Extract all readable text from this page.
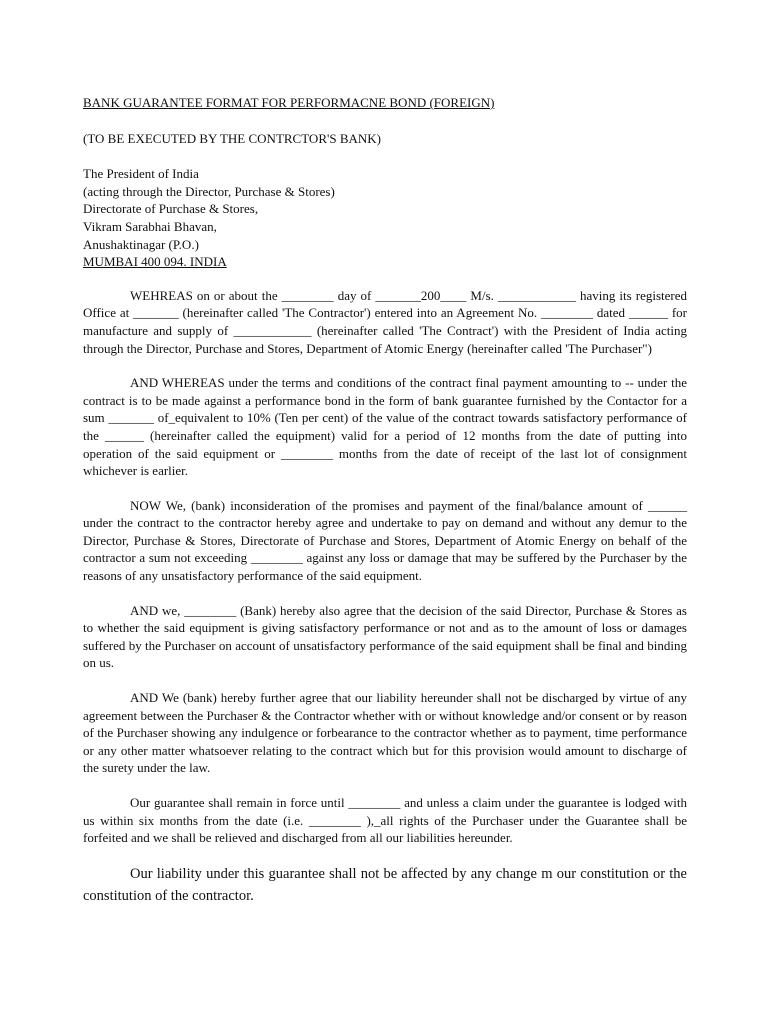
BANK GUARANTEE FORMAT FOR PERFORMACNE BOND (FOREIGN)

(TO BE EXECUTED BY THE CONTRCTOR'S BANK)

The President of India
(acting through the Director, Purchase & Stores)
Directorate of Purchase & Stores,
Vikram Sarabhai Bhavan,
Anushaktinagar (P.O.)
MUMBAI 400 094. INDIA

WEHREAS on or about the ________ day of _______200____ M/s. ____________ having its registered Office at _______ (hereinafter called 'The Contractor') entered into an Agreement No. ________ dated ______ for manufacture and supply of ____________ (hereinafter called 'The Contract') with the President of India acting through the Director, Purchase and Stores, Department of Atomic Energy (hereinafter called 'The Purchaser")

AND WHEREAS under the terms and conditions of the contract final payment amounting to -- under the contract is to be made against a performance bond in the form of bank guarantee furnished by the Contactor for a sum _______ of_equivalent to 10% (Ten per cent) of the value of the contract towards satisfactory performance of the ______ (hereinafter called the equipment) valid for a period of 12 months from the date of putting into operation of the said equipment or ________ months from the date of receipt of the last lot of consignment whichever is earlier.

NOW We, (bank) inconsideration of the promises and payment of the final/balance amount of ______ under the contract to the contractor hereby agree and undertake to pay on demand and without any demur to the Director, Purchase & Stores, Directorate of Purchase and Stores, Department of Atomic Energy on behalf of the contractor a sum not exceeding ________ against any loss or damage that may be suffered by the Purchaser by the reasons of any unsatisfactory performance of the said equipment.

AND we, ________ (Bank) hereby also agree that the decision of the said Director, Purchase & Stores as to whether the said equipment is giving satisfactory performance or not and as to the amount of loss or damages suffered by the Purchaser on account of unsatisfactory performance of the said equipment shall be final and binding on us.

AND We (bank) hereby further agree that our liability hereunder shall not be discharged by virtue of any agreement between the Purchaser & the Contractor whether with or without knowledge and/or consent or by reason of the Purchaser showing any indulgence or forbearance to the contractor whether as to payment, time performance or any other matter whatsoever relating to the contract which but for this provision would amount to discharge of the surety under the law.

Our guarantee shall remain in force until ________ and unless a claim under the guarantee is lodged with us within six months from the date (i.e. ________ ),_all rights of the Purchaser under the Guarantee shall be forfeited and we shall be relieved and discharged from all our liabilities hereunder.

Our liability under this guarantee shall not be affected by any change m our constitution or the constitution of the contractor.
